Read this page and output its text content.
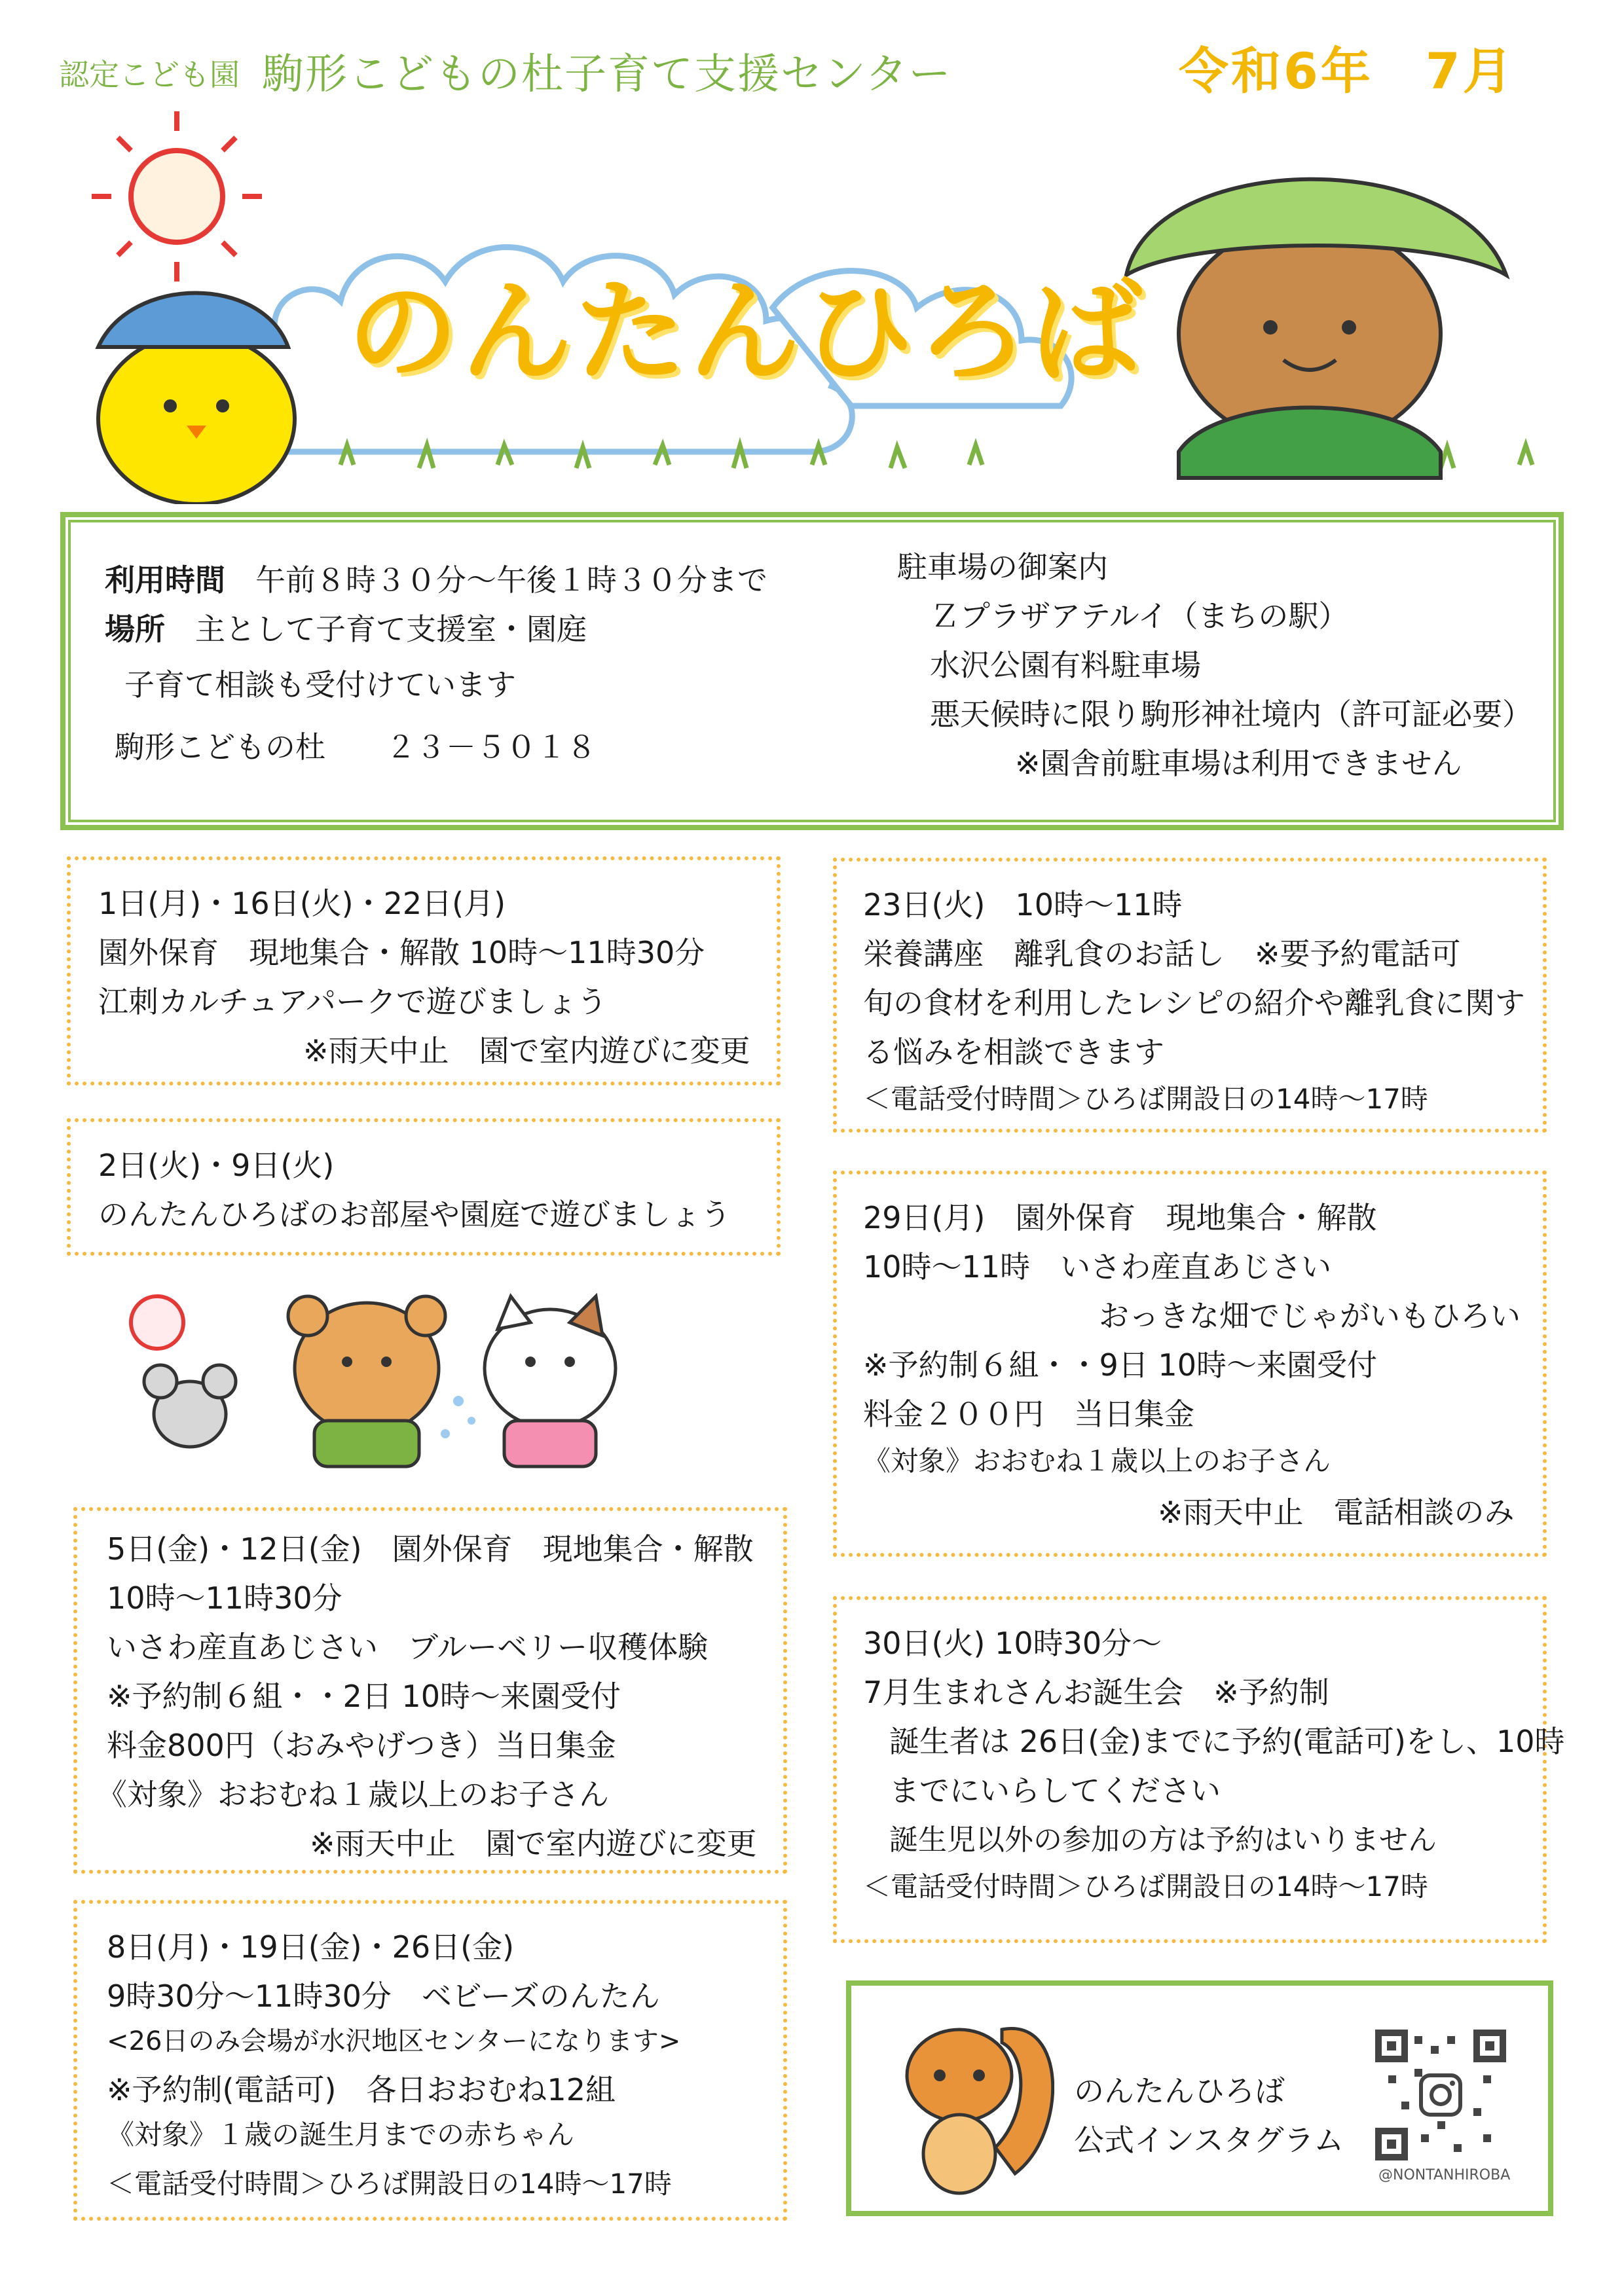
認定こども園 駒形こどもの杜子育て支援センター	令和6年　7月
のんたんひろば
利用時間　 午前８時３０分～午後１時３０分まで
場所　 主として子育て支援室・園庭
子育て相談も受付けています
駒形こどもの杜　　２３－５０１８
駐車場の御案内
Ｚプラザアテルイ（まちの駅）
水沢公園有料駐車場
悪天候時に限り駒形神社境内（許可証必要）
※園舎前駐車場は利用できません
1日(月)・16日(火)・22日(月)
園外保育　現地集合・解散 10時～11時30分
江刺カルチュアパークで遊びましょう
※雨天中止　園で室内遊びに変更
2日(火)・9日(火)
のんたんひろばのお部屋や園庭で遊びましょう
5日(金)・12日(金)　園外保育　現地集合・解散
10時～11時30分
いさわ産直あじさい　ブルーベリー収穫体験
※予約制６組・・2日 10時～来園受付
料金800円（おみやげつき）当日集金
《対象》おおむね１歳以上のお子さん
※雨天中止　園で室内遊びに変更
8日(月)・19日(金)・26日(金)
9時30分～11時30分　ベビーズのんたん
<26日のみ会場が水沢地区センターになります>
※予約制(電話可)　各日おおむね12組
《対象》１歳の誕生月までの赤ちゃん
＜電話受付時間＞ひろば開設日の14時～17時
23日(火)　10時～11時
栄養講座　離乳食のお話し　※要予約電話可
旬の食材を利用したレシピの紹介や離乳食に関す
る悩みを相談できます
＜電話受付時間＞ひろば開設日の14時～17時
29日(月)　園外保育　現地集合・解散
10時～11時　いさわ産直あじさい
おっきな畑でじゃがいもひろい
※予約制６組・・9日 10時～来園受付
料金２００円　当日集金
《対象》おおむね１歳以上のお子さん
※雨天中止　電話相談のみ
30日(火) 10時30分～
7月生まれさんお誕生会　※予約制
誕生者は 26日(金)までに予約(電話可)をし、10時
までにいらしてください
誕生児以外の参加の方は予約はいりません
＜電話受付時間＞ひろば開設日の14時～17時
のんたんひろば
公式インスタグラム
@NONTANHIROBA
